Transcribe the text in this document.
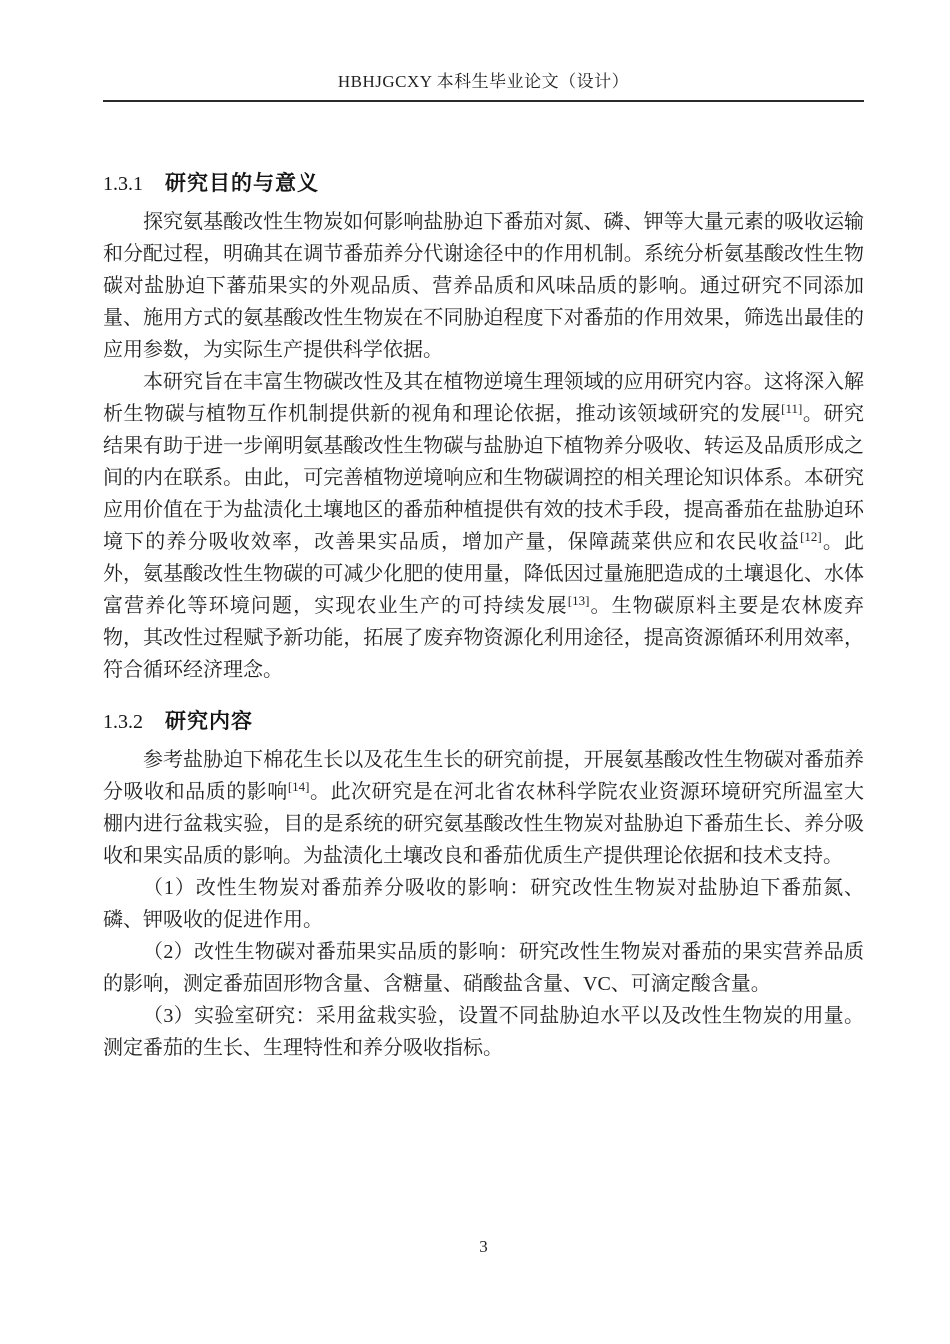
HBHJGCXY 本科生毕业论文（设计）
1.3.1 研究目的与意义

探究氨基酸改性生物炭如何影响盐胁迫下番茄对氮、磷、钾等大量元素的吸收运输和分配过程，明确其在调节番茄养分代谢途径中的作用机制。系统分析氨基酸改性生物碳对盐胁迫下蕃茄果实的外观品质、营养品质和风味品质的影响。通过研究不同添加量、施用方式的氨基酸改性生物炭在不同胁迫程度下对番茄的作用效果，筛选出最佳的应用参数，为实际生产提供科学依据。

本研究旨在丰富生物碳改性及其在植物逆境生理领域的应用研究内容。这将深入解析生物碳与植物互作机制提供新的视角和理论依据，推动该领域研究的发展[11]。研究结果有助于进一步阐明氨基酸改性生物碳与盐胁迫下植物养分吸收、转运及品质形成之间的内在联系。由此，可完善植物逆境响应和生物碳调控的相关理论知识体系。本研究应用价值在于为盐渍化土壤地区的番茄种植提供有效的技术手段，提高番茄在盐胁迫环境下的养分吸收效率，改善果实品质，增加产量，保障蔬菜供应和农民收益[12]。此外，氨基酸改性生物碳的可减少化肥的使用量，降低因过量施肥造成的土壤退化、水体富营养化等环境问题，实现农业生产的可持续发展[13]。生物碳原料主要是农林废弃物，其改性过程赋予新功能，拓展了废弃物资源化利用途径，提高资源循环利用效率，符合循环经济理念。

1.3.2 研究内容

参考盐胁迫下棉花生长以及花生生长的研究前提，开展氨基酸改性生物碳对番茄养分吸收和品质的影响[14]。此次研究是在河北省农林科学院农业资源环境研究所温室大棚内进行盆栽实验，目的是系统的研究氨基酸改性生物炭对盐胁迫下番茄生长、养分吸收和果实品质的影响。为盐渍化土壤改良和番茄优质生产提供理论依据和技术支持。

（1）改性生物炭对番茄养分吸收的影响：研究改性生物炭对盐胁迫下番茄氮、磷、钾吸收的促进作用。

（2）改性生物碳对番茄果实品质的影响：研究改性生物炭对番茄的果实营养品质的影响，测定番茄固形物含量、含糖量、硝酸盐含量、VC、可滴定酸含量。

（3）实验室研究：采用盆栽实验，设置不同盐胁迫水平以及改性生物炭的用量。测定番茄的生长、生理特性和养分吸收指标。

3
